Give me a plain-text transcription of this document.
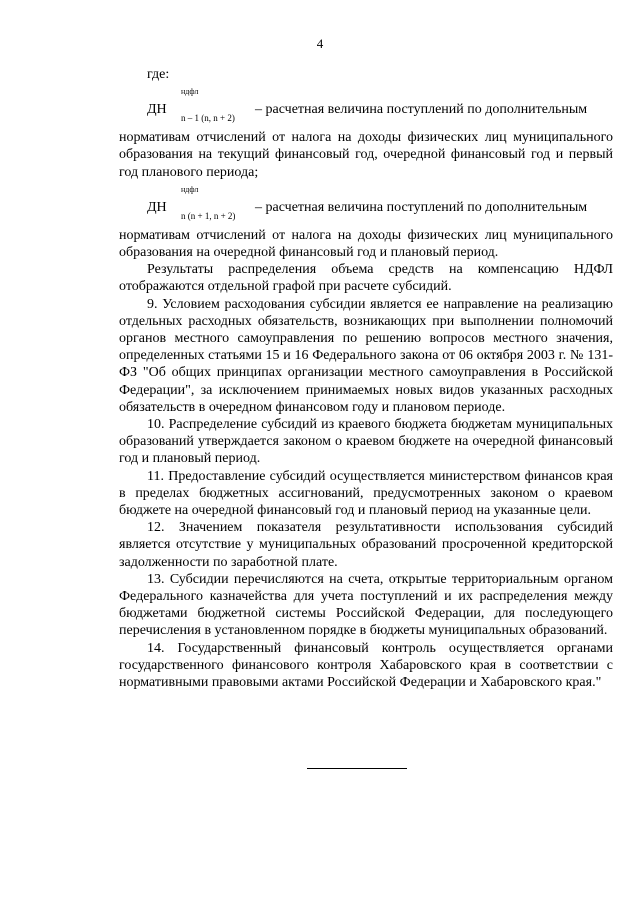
4

где:

ДН
ндфл
n – 1 (n, n + 2)
– расчетная величина поступлений по дополнительным

нормативам отчислений от налога на доходы физических лиц муниципального образования на текущий финансовый год, очередной финансовый год и первый год планового периода;

ДН
ндфл
n (n + 1, n + 2)
– расчетная величина поступлений по дополнительным

нормативам отчислений от налога на доходы физических лиц муниципального образования на очередной финансовый год и плановый период.

Результаты распределения объема средств на компенсацию НДФЛ отображаются отдельной графой при расчете субсидий.

9. Условием расходования субсидии является ее направление на реализацию отдельных расходных обязательств, возникающих при выполнении полномочий органов местного самоуправления по решению вопросов местного значения, определенных статьями 15 и 16 Федерального закона от 06 октября 2003 г. № 131-ФЗ "Об общих принципах организации местного самоуправления в Российской Федерации", за исключением принимаемых новых видов указанных расходных обязательств в очередном финансовом году и плановом периоде.

10. Распределение субсидий из краевого бюджета бюджетам муниципальных образований утверждается законом о краевом бюджете на очередной финансовый год и плановый период.

11. Предоставление субсидий осуществляется министерством финансов края в пределах бюджетных ассигнований, предусмотренных законом о краевом бюджете на очередной финансовый год и плановый период на указанные цели.

12. Значением показателя результативности использования субсидий является отсутствие у муниципальных образований просроченной кредиторской задолженности по заработной плате.

13. Субсидии перечисляются на счета, открытые территориальным органом Федерального казначейства для учета поступлений и их распределения между бюджетами бюджетной системы Российской Федерации, для последующего перечисления в установленном порядке в бюджеты муниципальных образований.

14. Государственный финансовый контроль осуществляется органами государственного финансового контроля Хабаровского края в соответствии с нормативными правовыми актами Российской Федерации и Хабаровского края."
